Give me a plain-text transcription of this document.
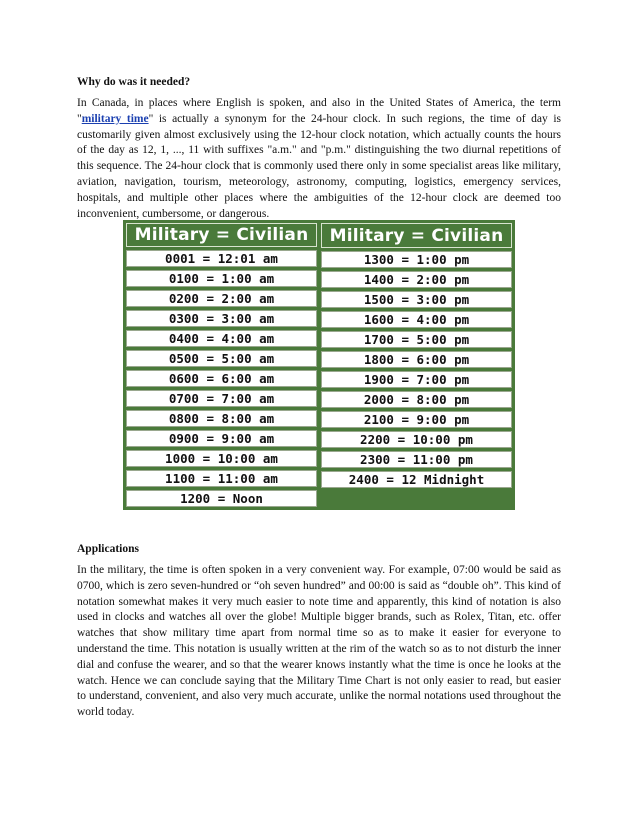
Why do was it needed?

In Canada, in places where English is spoken, and also in the United States of America, the term "military time" is actually a synonym for the 24-hour clock. In such regions, the time of day is customarily given almost exclusively using the 12-hour clock notation, which actually counts the hours of the day as 12, 1, ..., 11 with suffixes "a.m." and "p.m." distinguishing the two diurnal repetitions of this sequence. The 24-hour clock that is commonly used there only in some specialist areas like military, aviation, navigation, tourism, meteorology, astronomy, computing, logistics, emergency services, hospitals, and multiple other places where the ambiguities of the 12-hour clock are deemed too inconvenient, cumbersome, or dangerous.

Military = Civilian
0001 = 12:01 am
0100 = 1:00 am
0200 = 2:00 am
0300 = 3:00 am
0400 = 4:00 am
0500 = 5:00 am
0600 = 6:00 am
0700 = 7:00 am
0800 = 8:00 am
0900 = 9:00 am
1000 = 10:00 am
1100 = 11:00 am
1200 = Noon
Military = Civilian
1300 = 1:00 pm
1400 = 2:00 pm
1500 = 3:00 pm
1600 = 4:00 pm
1700 = 5:00 pm
1800 = 6:00 pm
1900 = 7:00 pm
2000 = 8:00 pm
2100 = 9:00 pm
2200 = 10:00 pm
2300 = 11:00 pm
2400 = 12 Midnight

Applications

In the military, the time is often spoken in a very convenient way. For example, 07:00 would be said as 0700, which is zero seven-hundred or “oh seven hundred” and 00:00 is said as “double oh”. This kind of notation somewhat makes it very much easier to note time and apparently, this kind of notation is also used in clocks and watches all over the globe! Multiple bigger brands, such as Rolex, Titan, etc. offer watches that show military time apart from normal time so as to make it easier for everyone to understand the time. This notation is usually written at the rim of the watch so as to not disturb the inner dial and confuse the wearer, and so that the wearer knows instantly what the time is once he looks at the watch. Hence we can conclude saying that the Military Time Chart is not only easier to read, but easier to understand, convenient, and also very much accurate, unlike the normal notations used throughout the world today.
